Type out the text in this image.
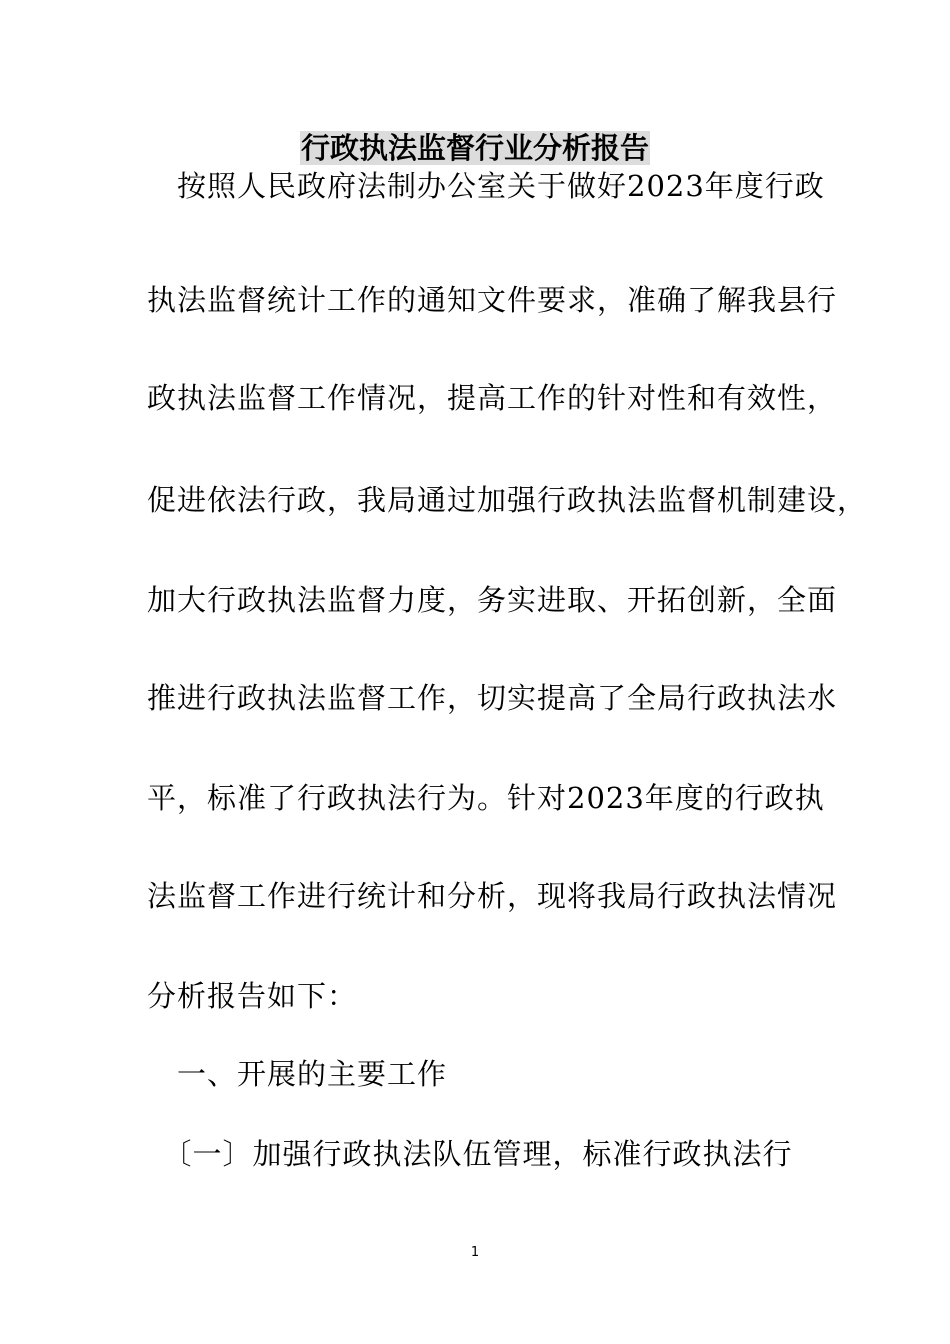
行政执法监督行业分析报告
　按照人民政府法制办公室关于做好2023年度行政
执法监督统计工作的通知文件要求，准确了解我县行
政执法监督工作情况，提高工作的针对性和有效性，
促进依法行政，我局通过加强行政执法监督机制建设，
加大行政执法监督力度，务实进取、开拓创新，全面
推进行政执法监督工作，切实提高了全局行政执法水
平，标准了行政执法行为。针对2023年度的行政执
法监督工作进行统计和分析，现将我局行政执法情况
分析报告如下：
　一、开展的主要工作
　〔一〕加强行政执法队伍管理，标准行政执法行
1
